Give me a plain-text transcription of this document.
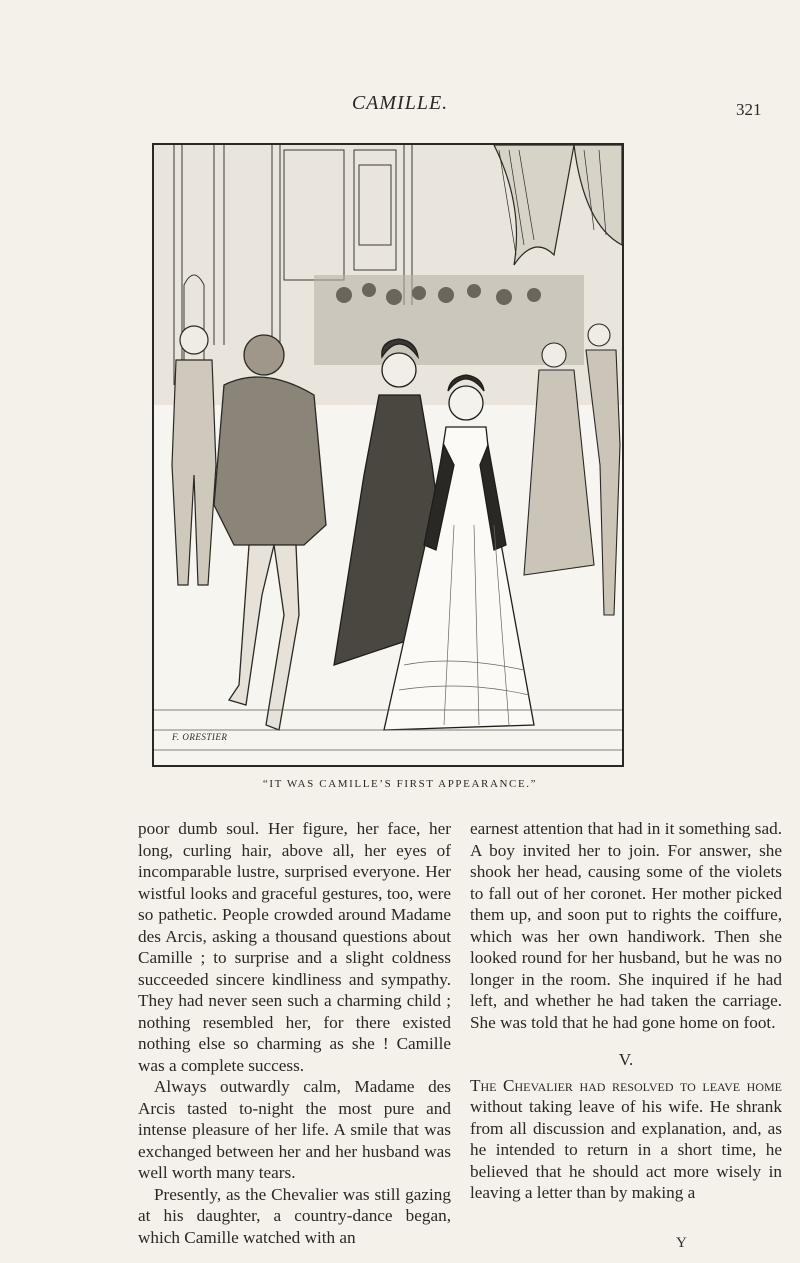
CAMILLE.	321
F. ORESTIER
“IT WAS CAMILLE’S FIRST APPEARANCE.”

poor dumb soul. Her figure, her face, her long, curling hair, above all, her eyes of incomparable lustre, surprised everyone. Her wistful looks and graceful gestures, too, were so pathetic. People crowded around Madame des Arcis, asking a thousand questions about Camille ; to surprise and a slight coldness succeeded sincere kindliness and sympathy. They had never seen such a charming child ; nothing resembled her, for there existed nothing else so charming as she ! Camille was a complete success.

Always outwardly calm, Madame des Arcis tasted to-night the most pure and intense pleasure of her life. A smile that was exchanged between her and her husband was well worth many tears.

Presently, as the Chevalier was still gazing at his daughter, a country-dance began, which Camille watched with an

earnest attention that had in it something sad. A boy invited her to join. For answer, she shook her head, causing some of the violets to fall out of her coronet. Her mother picked them up, and soon put to rights the coiffure, which was her own handiwork. Then she looked round for her husband, but he was no longer in the room. She inquired if he had left, and whether he had taken the carriage. She was told that he had gone home on foot.

V.

The Chevalier had resolved to leave home without taking leave of his wife. He shrank from all discussion and explanation, and, as he intended to return in a short time, he believed that he should act more wisely in leaving a letter than by making a

Y
